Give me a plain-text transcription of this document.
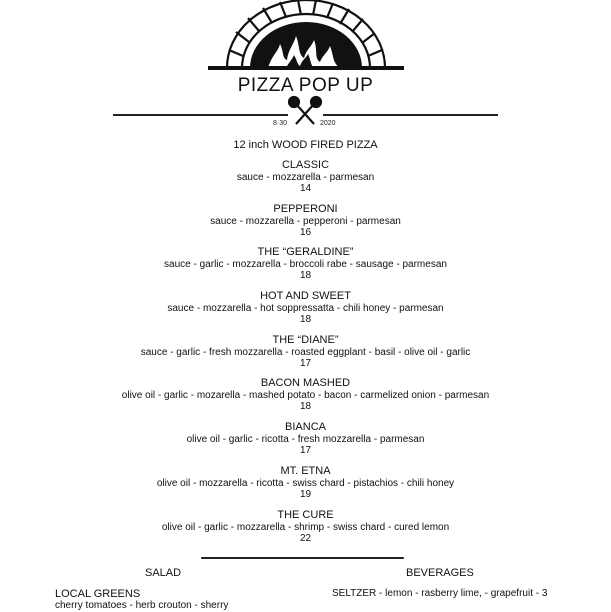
PIZZA POP UP
8·30	2020
12 inch WOOD FIRED PIZZA
CLASSIC
sauce - mozzarella - parmesan
14
PEPPERONI
sauce - mozzarella - pepperoni - parmesan
16
THE “GERALDINE”
sauce - garlic - mozzarella - broccoli rabe - sausage - parmesan
18
HOT AND SWEET
sauce - mozzarella - hot soppressatta - chili honey - parmesan
18
THE “DIANE”
sauce - garlic - fresh mozzarella - roasted eggplant - basil - olive oil - garlic
17
BACON MASHED
olive oil - garlic - mozarella - mashed potato - bacon - carmelized onion - parmesan
18
BIANCA
olive oil - garlic - ricotta - fresh mozzarella - parmesan
17
MT. ETNA
olive oil - mozzarella - ricotta - swiss chard - pistachios - chili honey
19
THE CURE
olive oil - garlic - mozzarella - shrimp - swiss chard - cured lemon
22
SALAD	BEVERAGES
LOCAL GREENS
cherry tomatoes - herb crouton - sherry
SELTZER - lemon - rasberry lime, - grapefruit - 3
